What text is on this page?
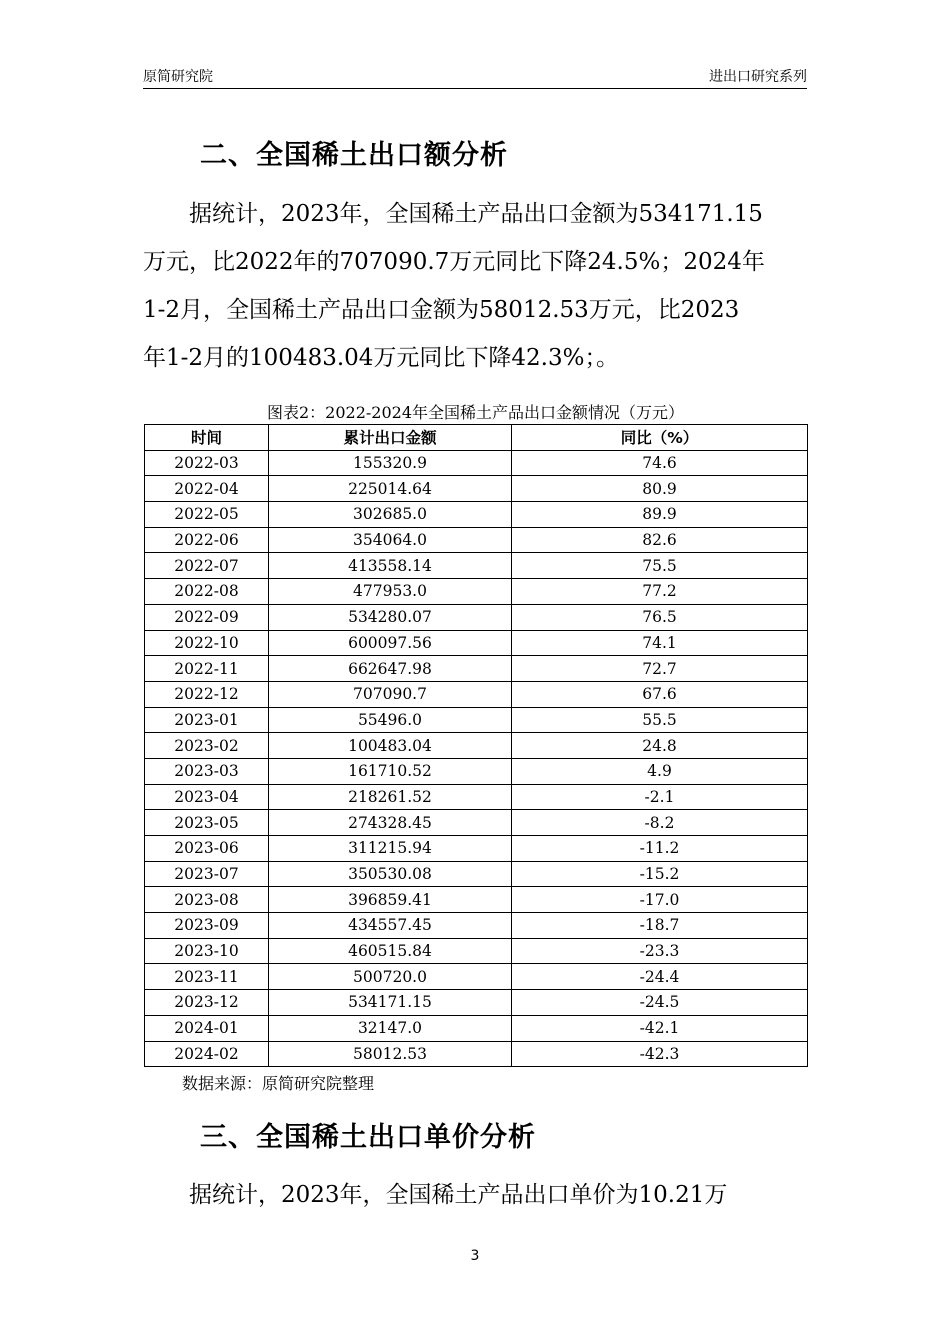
原简研究院	进出口研究系列
二、全国稀土出口额分析
　　据统计，2023年，全国稀土产品出口金额为534171.15
万元，比2022年的707090.7万元同比下降24.5%；2024年
1-2月，全国稀土产品出口金额为58012.53万元，比2023
年1-2月的100483.04万元同比下降42.3%；。
图表2：2022-2024年全国稀土产品出口金额情况（万元）
时间	累计出口金额	同比（%）
2022-03	155320.9	74.6
2022-04	225014.64	80.9
2022-05	302685.0	89.9
2022-06	354064.0	82.6
2022-07	413558.14	75.5
2022-08	477953.0	77.2
2022-09	534280.07	76.5
2022-10	600097.56	74.1
2022-11	662647.98	72.7
2022-12	707090.7	67.6
2023-01	55496.0	55.5
2023-02	100483.04	24.8
2023-03	161710.52	4.9
2023-04	218261.52	-2.1
2023-05	274328.45	-8.2
2023-06	311215.94	-11.2
2023-07	350530.08	-15.2
2023-08	396859.41	-17.0
2023-09	434557.45	-18.7
2023-10	460515.84	-23.3
2023-11	500720.0	-24.4
2023-12	534171.15	-24.5
2024-01	32147.0	-42.1
2024-02	58012.53	-42.3
数据来源：原简研究院整理
三、全国稀土出口单价分析
　　据统计，2023年，全国稀土产品出口单价为10.21万
3
